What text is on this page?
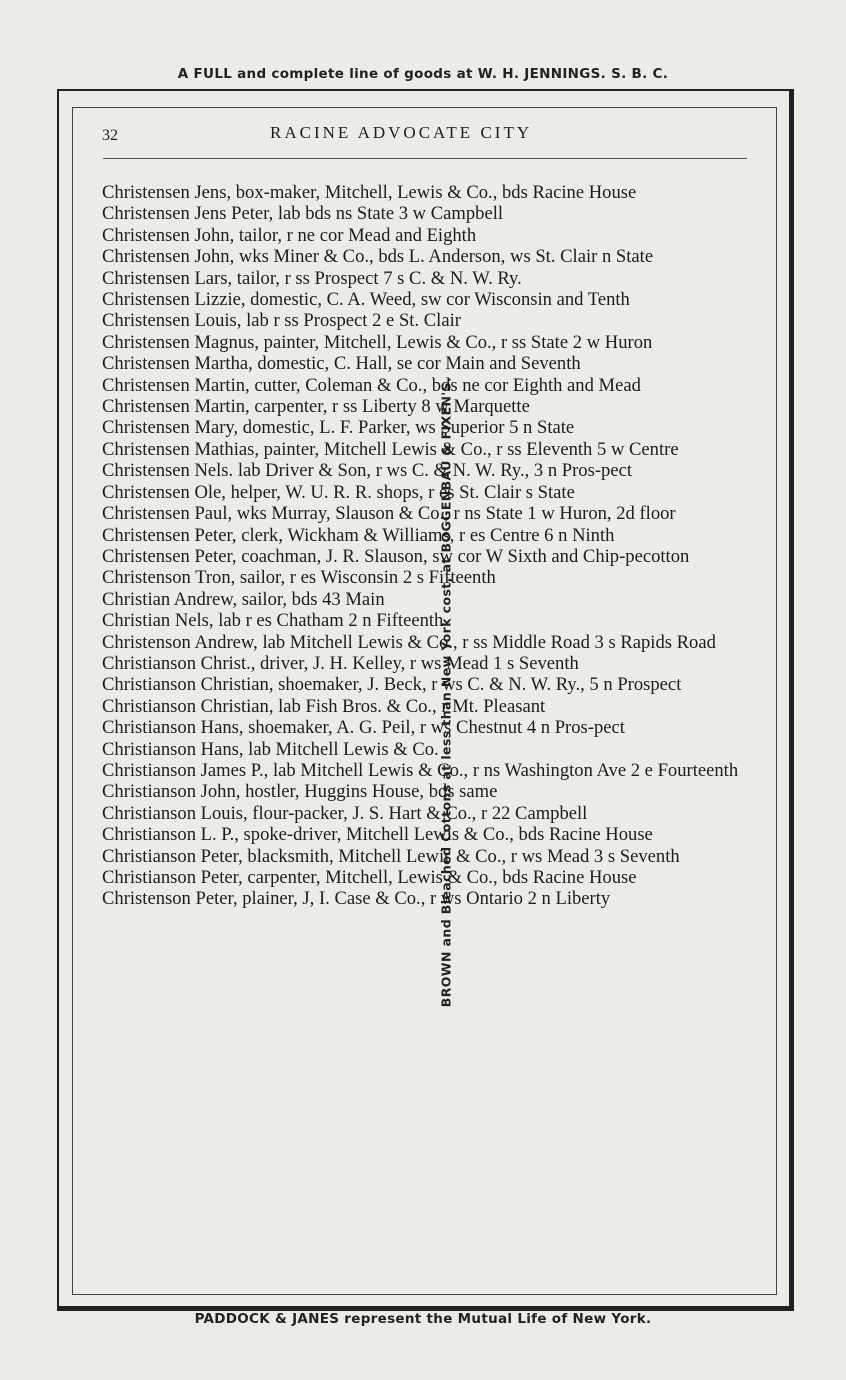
A FULL and complete line of goods at W. H. JENNINGS. S. B. C.
BROWN and Bleached Cottons at less than New York cost, at BOGGENBAU & FIXEN'S.
32	RACINE ADVOCATE CITY
Christensen Jens, box-maker, Mitchell, Lewis & Co., bds Racine House
Christensen Jens Peter, lab bds ns State 3 w Campbell
Christensen John, tailor, r ne cor Mead and Eighth
Christensen John, wks Miner & Co., bds L. Anderson, ws St. Clair n State
Christensen Lars, tailor, r ss Prospect 7 s C. & N. W. Ry.
Christensen Lizzie, domestic, C. A. Weed, sw cor Wisconsin and Tenth
Christensen Louis, lab r ss Prospect 2 e St. Clair
Christensen Magnus, painter, Mitchell, Lewis & Co., r ss State 2 w Huron
Christensen Martha, domestic, C. Hall, se cor Main and Seventh
Christensen Martin, cutter, Coleman & Co., bds ne cor Eighth and Mead
Christensen Martin, carpenter, r ss Liberty 8 w Marquette
Christensen Mary, domestic, L. F. Parker, ws Superior 5 n State
Christensen Mathias, painter, Mitchell Lewis & Co., r ss Eleventh 5 w Centre
Christensen Nels. lab Driver & Son, r ws C. & N. W. Ry., 3 n Pros-pect
Christensen Ole, helper, W. U. R. R. shops, r es St. Clair s State
Christensen Paul, wks Murray, Slauson & Co., r ns State 1 w Huron, 2d floor
Christensen Peter, clerk, Wickham & Williams, r es Centre 6 n Ninth
Christensen Peter, coachman, J. R. Slauson, sw cor W Sixth and Chip-pecotton
Christenson Tron, sailor, r es Wisconsin 2 s Fifteenth
Christian Andrew, sailor, bds 43 Main
Christian Nels, lab r es Chatham 2 n Fifteenth
Christenson Andrew, lab Mitchell Lewis & Co., r ss Middle Road 3 s Rapids Road
Christianson Christ., driver, J. H. Kelley, r ws Mead 1 s Seventh
Christianson Christian, shoemaker, J. Beck, r ws C. & N. W. Ry., 5 n Prospect
Christianson Christian, lab Fish Bros. & Co., r Mt. Pleasant
Christianson Hans, shoemaker, A. G. Peil, r ws Chestnut 4 n Pros-pect
Christianson Hans, lab Mitchell Lewis & Co.
Christianson James P., lab Mitchell Lewis & Co., r ns Washington Ave 2 e Fourteenth
Christianson John, hostler, Huggins House, bds same
Christianson Louis, flour-packer, J. S. Hart & Co., r 22 Campbell
Christianson L. P., spoke-driver, Mitchell Lewis & Co., bds Racine House
Christianson Peter, blacksmith, Mitchell Lewis & Co., r ws Mead 3 s Seventh
Christianson Peter, carpenter, Mitchell, Lewis & Co., bds Racine House
Christenson Peter, plainer, J, I. Case & Co., r ws Ontario 2 n Liberty
PADDOCK & JANES represent the Mutual Life of New York.
